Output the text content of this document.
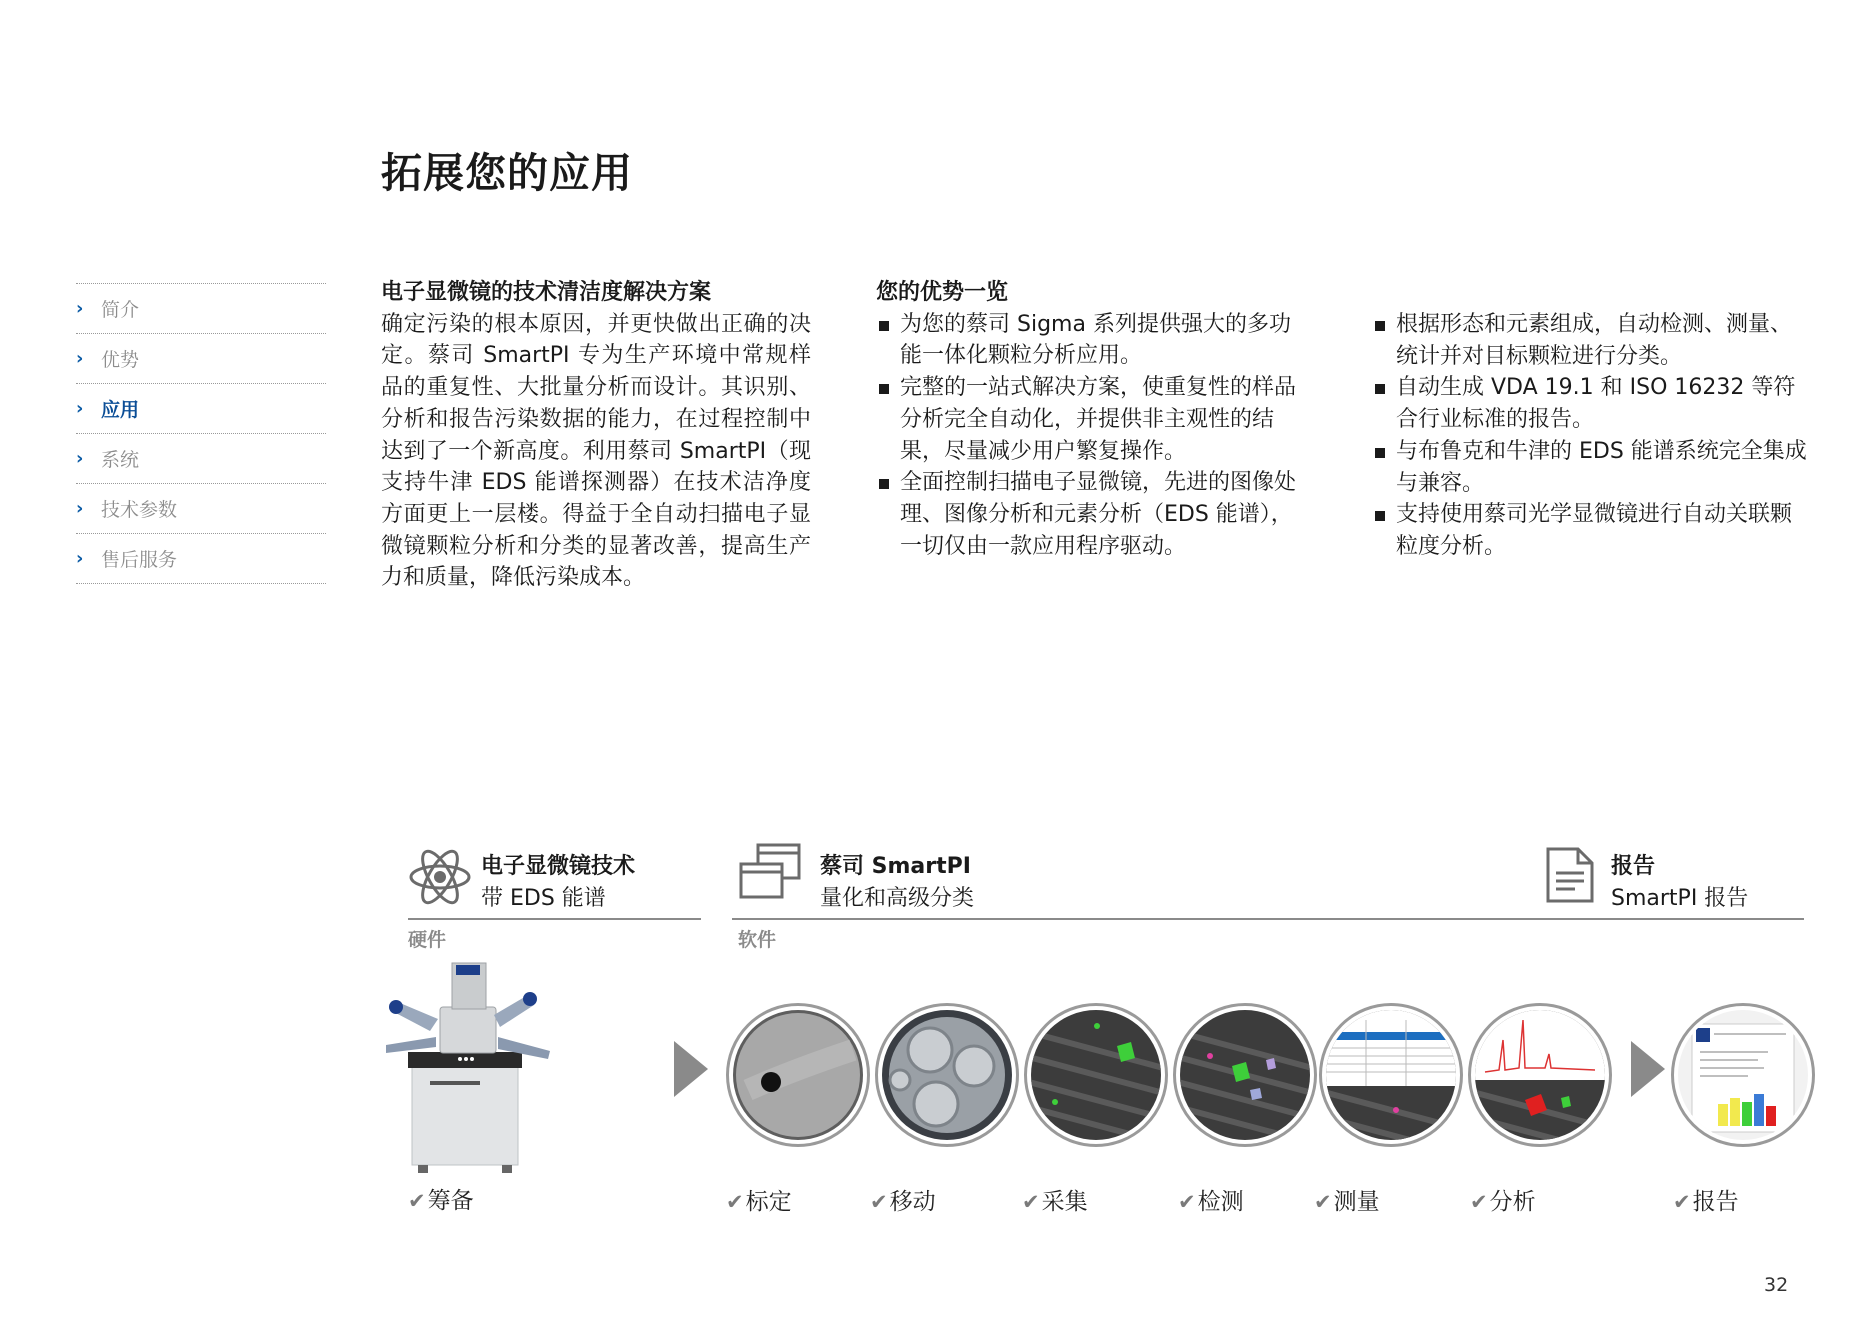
拓展您的应用
› 简介
› 优势
› 应用
› 系统
› 技术参数
› 售后服务
电子显微镜的技术清洁度解决方案

确定污染的根本原因，并更快做出正确的决定。蔡司 SmartPI 专为生产环境中常规样品的重复性、大批量分析而设计。其识别、分析和报告污染数据的能力，在过程控制中达到了一个新高度。利用蔡司 SmartPI（现支持牛津 EDS 能谱探测器）在技术洁净度方面更上一层楼。得益于全自动扫描电子显微镜颗粒分析和分类的显著改善，提高生产力和质量，降低污染成本。

您的优势一览
为您的蔡司 Sigma 系列提供强大的多功能一体化颗粒分析应用。
完整的一站式解决方案，使重复性的样品分析完全自动化，并提供非主观性的结果，尽量减少用户繁复操作。
全面控制扫描电子显微镜，先进的图像处理、图像分析和元素分析（EDS 能谱），一切仅由一款应用程序驱动。
根据形态和元素组成，自动检测、测量、统计并对目标颗粒进行分类。
自动生成 VDA 19.1 和 ISO 16232 等符合行业标准的报告。
与布鲁克和牛津的 EDS 能谱系统完全集成与兼容。
支持使用蔡司光学显微镜进行自动关联颗粒度分析。
电子显微镜技术
带 EDS 能谱
硬件
蔡司 SmartPI
量化和高级分类
报告
SmartPI 报告
软件
✔筹备	✔标定	✔移动	✔采集	✔检测	✔测量	✔分析	✔报告
32
